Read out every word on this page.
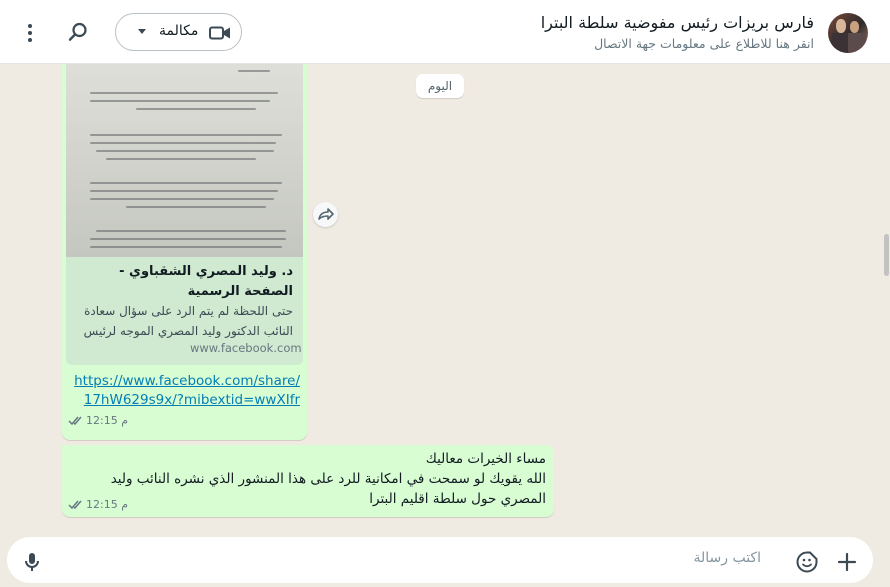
فارس بريزات رئيس مفوضية سلطة البترا
انقر هنا للاطلاع على معلومات جهة الاتصال
مكالمة
اليوم
د. وليد المصري الشقباوي - الصفحة الرسمية
حتى اللحظة لم يتم الرد على سؤال سعادة النائب الدكتور وليد المصري الموجه لرئيس
www.facebook.com
https://www.facebook.com/share/17hW629s9x/?mibextid=wwXIfr
12:15 م
مساء الخيرات معاليك
الله يقويك لو سمحت في امكانية للرد على هذا المنشور الذي نشره النائب وليد المصري حول سلطة اقليم البترا
12:15 م
اكتب رسالة
